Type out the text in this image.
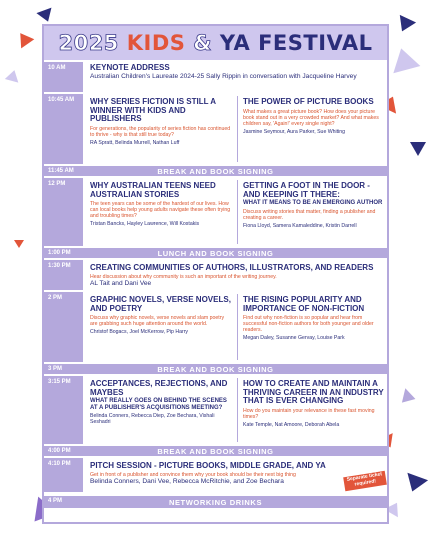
2025 KIDS & YA FESTIVAL
10 AM	KEYNOTE ADDRESS
Australian Children's Laureate 2024-25 Sally Rippin in conversation with Jacqueline Harvey
10:45 AM	WHY SERIES FICTION IS STILL A WINNER WITH KIDS AND PUBLISHERS
For generations, the popularity of series fiction has continued to thrive - why is that still true today?
RA Spratt, Belinda Murrell, Nathan Luff
THE POWER OF PICTURE BOOKS
What makes a great picture book? How does your picture book stand out in a very crowded market? And what makes children say, 'Again!' every single night?
Jasmine Seymour, Aura Parker, Sue Whiting
11:45 AM	BREAK AND BOOK SIGNING
12 PM	WHY AUSTRALIAN TEENS NEED AUSTRALIAN STORIES
The teen years can be some of the hardest of our lives. How can local books help young adults navigate these often trying and troubling times?
Tristan Bancks, Hayley Lawrence, Will Kostakis
GETTING A FOOT IN THE DOOR - AND KEEPING IT THERE:
WHAT IT MEANS TO BE AN EMERGING AUTHOR
Discuss writing stories that matter, finding a publisher and creating a career.
Fiona Lloyd, Samera Kamaleddine, Kristin Darrell
1:00 PM	LUNCH AND BOOK SIGNING
1:30 PM	CREATING COMMUNITIES OF AUTHORS, ILLUSTRATORS, AND READERS
Hear discussion about why community is such an important of the writing journey.
AL Tait and Dani Vee
2 PM	GRAPHIC NOVELS, VERSE NOVELS, AND POETRY
Discuss why graphic novels, verse novels and slam poetry are grabbing such huge attention around the world.
Christof Bogacs, Joel McKerrow, Pip Harry
THE RISING POPULARITY AND IMPORTANCE OF NON-FICTION
Find out why non-fiction is so popular and hear from successful non-fiction authors for both younger and older readers.
Megan Daley, Susanne Gervay, Louise Park
3 PM	BREAK AND BOOK SIGNING
3:15 PM	ACCEPTANCES, REJECTIONS, AND MAYBES
WHAT REALLY GOES ON BEHIND THE SCENES AT A PUBLISHER'S ACQUISITIONS MEETING?
Belinda Conners, Rebecca Diep, Zoe Bechara, Vishali Seshadri
HOW TO CREATE AND MAINTAIN A THRIVING CAREER IN AN INDUSTRY THAT IS EVER CHANGING
How do you maintain your relevance in these fast moving times?
Kate Temple, Nat Amoore, Deborah Abela
4:00 PM	BREAK AND BOOK SIGNING
4:10 PM	PITCH SESSION - PICTURE BOOKS, MIDDLE GRADE, AND YA
Get in front of a publisher and convince them why your book should be their next big thing
Belinda Conners, Dani Vee, Rebecca McRitchie, and Zoe Bechara	Separate ticket required!
4 PM	NETWORKING DRINKS
